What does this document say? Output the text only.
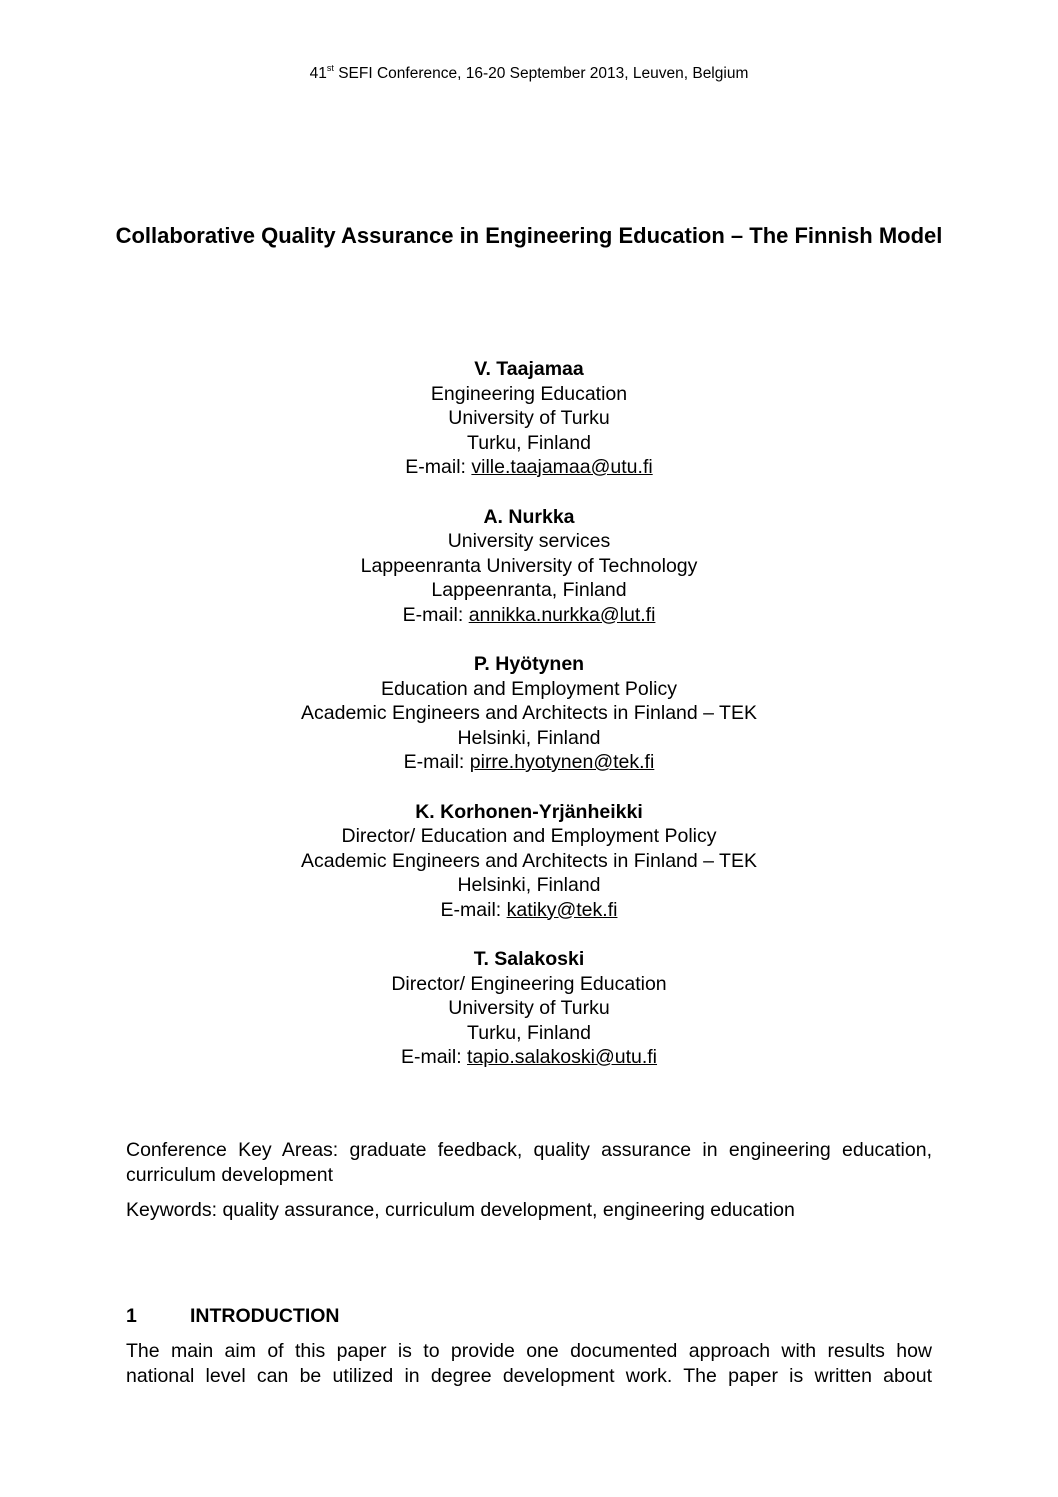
41st SEFI Conference, 16-20 September 2013, Leuven, Belgium
Collaborative Quality Assurance in Engineering Education – The Finnish Model
V. Taajamaa
Engineering Education
University of Turku
Turku, Finland
E-mail: ville.taajamaa@utu.fi
A. Nurkka
University services
Lappeenranta University of Technology
Lappeenranta, Finland
E-mail: annikka.nurkka@lut.fi
P. Hyötynen
Education and Employment Policy
Academic Engineers and Architects in Finland – TEK
Helsinki, Finland
E-mail: pirre.hyotynen@tek.fi
K. Korhonen-Yrjänheikki
Director/ Education and Employment Policy
Academic Engineers and Architects in Finland – TEK
Helsinki, Finland
E-mail: katiky@tek.fi
T. Salakoski
Director/ Engineering Education
University of Turku
Turku, Finland
E-mail: tapio.salakoski@utu.fi
Conference Key Areas: graduate feedback, quality assurance in engineering education, curriculum development
Keywords: quality assurance, curriculum development, engineering education
1	INTRODUCTION
The main aim of this paper is to provide one documented approach with results how
national level can be utilized in degree development work. The paper is written about
